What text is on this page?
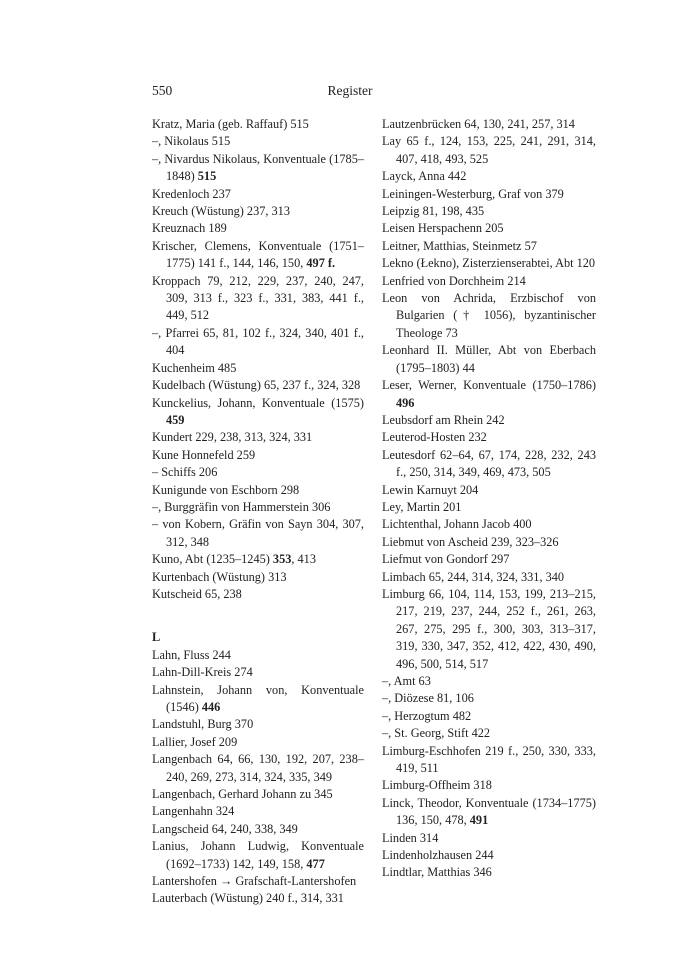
550	Register
Kratz, Maria (geb. Raffauf) 515
–, Nikolaus 515
–, Nivardus Nikolaus, Konventuale (1785–1848) 515
Kredenloch 237
Kreuch (Wüstung) 237, 313
Kreuznach 189
Krischer, Clemens, Konventuale (1751–1775) 141 f., 144, 146, 150, 497 f.
Kroppach 79, 212, 229, 237, 240, 247, 309, 313 f., 323 f., 331, 383, 441 f., 449, 512
–, Pfarrei 65, 81, 102 f., 324, 340, 401 f., 404
Kuchenheim 485
Kudelbach (Wüstung) 65, 237 f., 324, 328
Kunckelius, Johann, Konventuale (1575) 459
Kundert 229, 238, 313, 324, 331
Kune Honnefeld 259
– Schiffs 206
Kunigunde von Eschborn 298
–, Burggräfin von Hammerstein 306
– von Kobern, Gräfin von Sayn 304, 307, 312, 348
Kuno, Abt (1235–1245) 353, 413
Kurtenbach (Wüstung) 313
Kutscheid 65, 238
L
Lahn, Fluss 244
Lahn-Dill-Kreis 274
Lahnstein, Johann von, Konventuale (1546) 446
Landstuhl, Burg 370
Lallier, Josef 209
Langenbach 64, 66, 130, 192, 207, 238–240, 269, 273, 314, 324, 335, 349
Langenbach, Gerhard Johann zu 345
Langenhahn 324
Langscheid 64, 240, 338, 349
Lanius, Johann Ludwig, Konventuale (1692–1733) 142, 149, 158, 477
Lantershofen → Grafschaft-Lantershofen
Lauterbach (Wüstung) 240 f., 314, 331
Lautzenbrücken 64, 130, 241, 257, 314
Lay 65 f., 124, 153, 225, 241, 291, 314, 407, 418, 493, 525
Layck, Anna 442
Leiningen-Westerburg, Graf von 379
Leipzig 81, 198, 435
Leisen Herspachenn 205
Leitner, Matthias, Steinmetz 57
Lekno (Łekno), Zisterzienserabtei, Abt 120
Lenfried von Dorchheim 214
Leon von Achrida, Erzbischof von Bulgarien († 1056), byzantinischer Theologe 73
Leonhard II. Müller, Abt von Eberbach (1795–1803) 44
Leser, Werner, Konventuale (1750–1786) 496
Leubsdorf am Rhein 242
Leuterod-Hosten 232
Leutesdorf 62–64, 67, 174, 228, 232, 243 f., 250, 314, 349, 469, 473, 505
Lewin Karnuyt 204
Ley, Martin 201
Lichtenthal, Johann Jacob 400
Liebmut von Ascheid 239, 323–326
Liefmut von Gondorf 297
Limbach 65, 244, 314, 324, 331, 340
Limburg 66, 104, 114, 153, 199, 213–215, 217, 219, 237, 244, 252 f., 261, 263, 267, 275, 295 f., 300, 303, 313–317, 319, 330, 347, 352, 412, 422, 430, 490, 496, 500, 514, 517
–, Amt 63
–, Diözese 81, 106
–, Herzogtum 482
–, St. Georg, Stift 422
Limburg-Eschhofen 219 f., 250, 330, 333, 419, 511
Limburg-Offheim 318
Linck, Theodor, Konventuale (1734–1775) 136, 150, 478, 491
Linden 314
Lindenholzhausen 244
Lindtlar, Matthias 346
